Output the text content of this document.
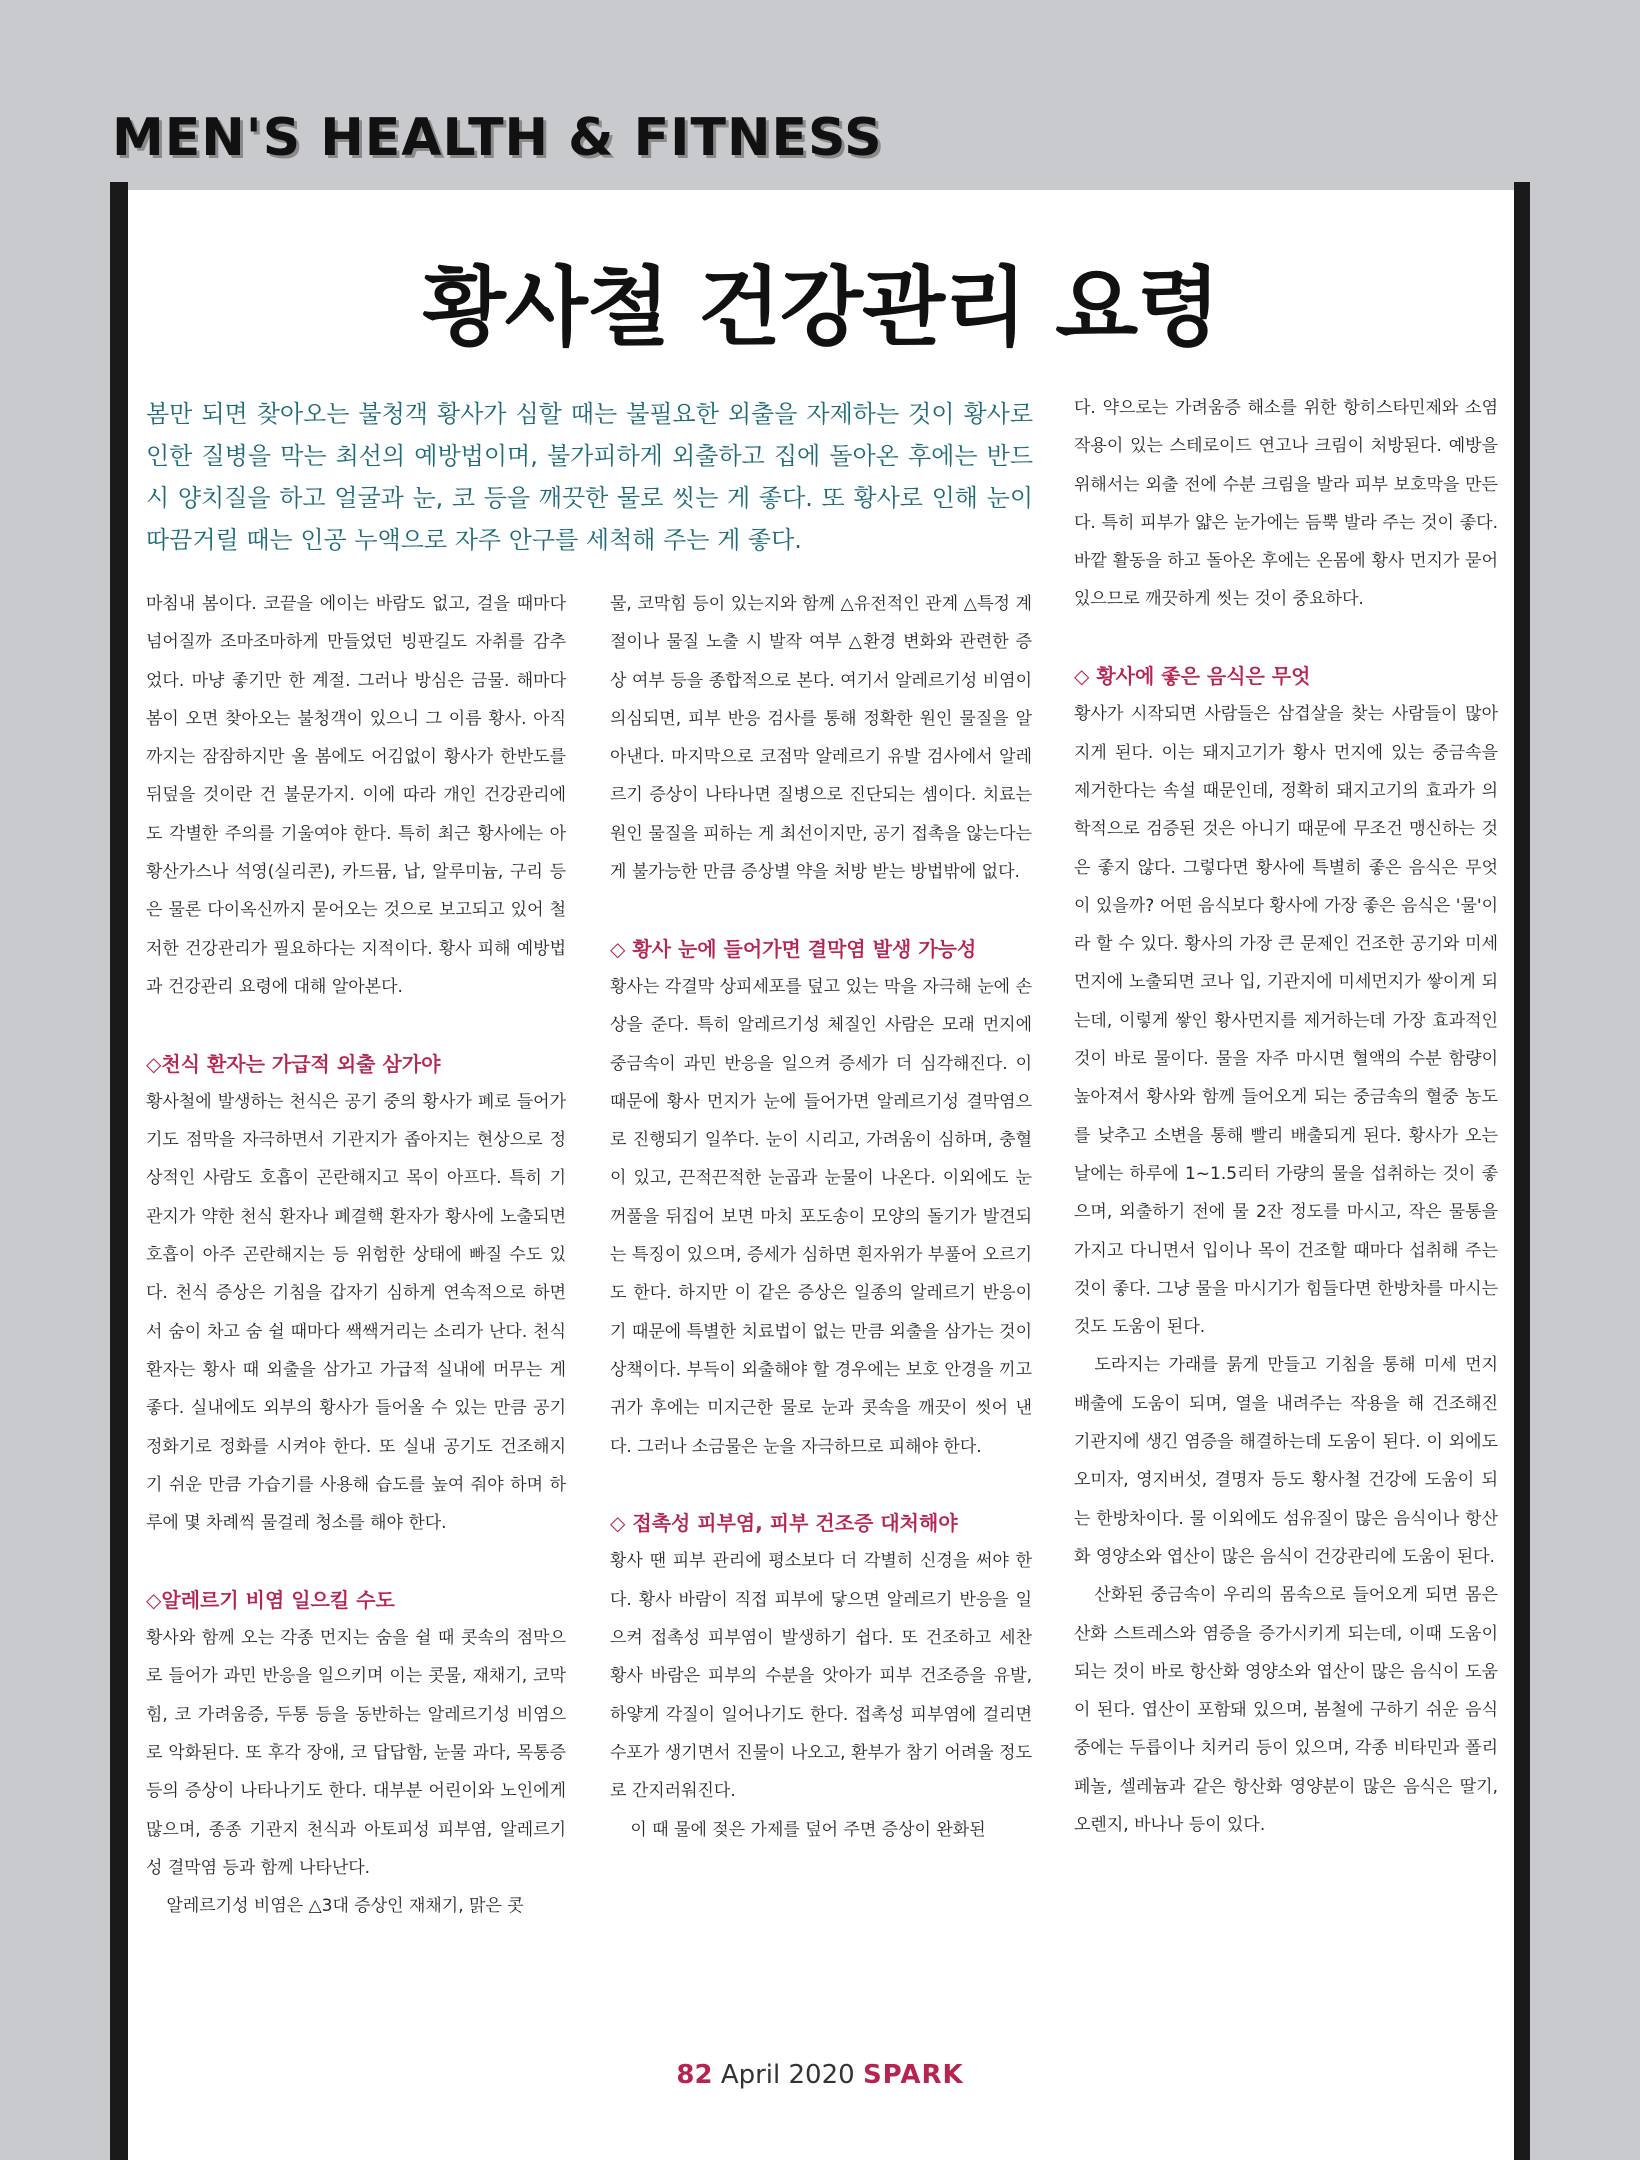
MEN'S HEALTH & FITNESS
황사철 건강관리 요령
봄만 되면 찾아오는 불청객 황사가 심할 때는 불필요한 외출을 자제하는 것이 황사로 인한 질병을 막는 최선의 예방법이며, 불가피하게 외출하고 집에 돌아온 후에는 반드시 양치질을 하고 얼굴과 눈, 코 등을 깨끗한 물로 씻는 게 좋다. 또 황사로 인해 눈이 따끔거릴 때는 인공 누액으로 자주 안구를 세척해 주는 게 좋다.

마침내 봄이다. 코끝을 에이는 바람도 없고, 걸을 때마다 넘어질까 조마조마하게 만들었던 빙판길도 자취를 감추었다. 마냥 좋기만 한 계절. 그러나 방심은 금물. 해마다 봄이 오면 찾아오는 불청객이 있으니 그 이름 황사. 아직까지는 잠잠하지만 올 봄에도 어김없이 황사가 한반도를 뒤덮을 것이란 건 불문가지. 이에 따라 개인 건강관리에도 각별한 주의를 기울여야 한다. 특히 최근 황사에는 아황산가스나 석영(실리콘), 카드뮴, 납, 알루미늄, 구리 등은 물론 다이옥신까지 묻어오는 것으로 보고되고 있어 철저한 건강관리가 필요하다는 지적이다. 황사 피해 예방법과 건강관리 요령에 대해 알아본다.

◇천식 환자는 가급적 외출 삼가야

황사철에 발생하는 천식은 공기 중의 황사가 폐로 들어가 기도 점막을 자극하면서 기관지가 좁아지는 현상으로 정상적인 사람도 호흡이 곤란해지고 목이 아프다. 특히 기관지가 약한 천식 환자나 폐결핵 환자가 황사에 노출되면 호흡이 아주 곤란해지는 등 위험한 상태에 빠질 수도 있다. 천식 증상은 기침을 갑자기 심하게 연속적으로 하면서 숨이 차고 숨 쉴 때마다 쌕쌕거리는 소리가 난다. 천식 환자는 황사 때 외출을 삼가고 가급적 실내에 머무는 게 좋다. 실내에도 외부의 황사가 들어올 수 있는 만큼 공기정화기로 정화를 시켜야 한다. 또 실내 공기도 건조해지기 쉬운 만큼 가습기를 사용해 습도를 높여 줘야 하며 하루에 몇 차례씩 물걸레 청소를 해야 한다.

◇알레르기 비염 일으킬 수도

황사와 함께 오는 각종 먼지는 숨을 쉴 때 콧속의 점막으로 들어가 과민 반응을 일으키며 이는 콧물, 재채기, 코막힘, 코 가려움증, 두통 등을 동반하는 알레르기성 비염으로 악화된다. 또 후각 장애, 코 답답함, 눈물 과다, 목통증 등의 증상이 나타나기도 한다. 대부분 어린이와 노인에게 많으며, 종종 기관지 천식과 아토피성 피부염, 알레르기성 결막염 등과 함께 나타난다.

알레르기성 비염은 △3대 증상인 재채기, 맑은 콧

물, 코막힘 등이 있는지와 함께 △유전적인 관계 △특정 계절이나 물질 노출 시 발작 여부 △환경 변화와 관련한 증상 여부 등을 종합적으로 본다. 여기서 알레르기성 비염이 의심되면, 피부 반응 검사를 통해 정확한 원인 물질을 알아낸다. 마지막으로 코점막 알레르기 유발 검사에서 알레르기 증상이 나타나면 질병으로 진단되는 셈이다. 치료는 원인 물질을 피하는 게 최선이지만, 공기 접촉을 않는다는 게 불가능한 만큼 증상별 약을 처방 받는 방법밖에 없다.

◇ 황사 눈에 들어가면 결막염 발생 가능성

황사는 각결막 상피세포를 덮고 있는 막을 자극해 눈에 손상을 준다. 특히 알레르기성 체질인 사람은 모래 먼지에 중금속이 과민 반응을 일으켜 증세가 더 심각해진다. 이 때문에 황사 먼지가 눈에 들어가면 알레르기성 결막염으로 진행되기 일쑤다. 눈이 시리고, 가려움이 심하며, 충혈이 있고, 끈적끈적한 눈곱과 눈물이 나온다. 이외에도 눈꺼풀을 뒤집어 보면 마치 포도송이 모양의 돌기가 발견되는 특징이 있으며, 증세가 심하면 흰자위가 부풀어 오르기도 한다. 하지만 이 같은 증상은 일종의 알레르기 반응이기 때문에 특별한 치료법이 없는 만큼 외출을 삼가는 것이 상책이다. 부득이 외출해야 할 경우에는 보호 안경을 끼고 귀가 후에는 미지근한 물로 눈과 콧속을 깨끗이 씻어 낸다. 그러나 소금물은 눈을 자극하므로 피해야 한다.

◇ 접촉성 피부염, 피부 건조증 대처해야

황사 땐 피부 관리에 평소보다 더 각별히 신경을 써야 한다. 황사 바람이 직접 피부에 닿으면 알레르기 반응을 일으켜 접촉성 피부염이 발생하기 쉽다. 또 건조하고 세찬 황사 바람은 피부의 수분을 앗아가 피부 건조증을 유발, 하얗게 각질이 일어나기도 한다. 접촉성 피부염에 걸리면 수포가 생기면서 진물이 나오고, 환부가 참기 어려울 정도로 간지러워진다.

이 때 물에 젖은 가제를 덮어 주면 증상이 완화된

다. 약으로는 가려움증 해소를 위한 항히스타민제와 소염 작용이 있는 스테로이드 연고나 크림이 처방된다. 예방을 위해서는 외출 전에 수분 크림을 발라 피부 보호막을 만든다. 특히 피부가 얇은 눈가에는 듬뿍 발라 주는 것이 좋다. 바깥 활동을 하고 돌아온 후에는 온몸에 황사 먼지가 묻어 있으므로 깨끗하게 씻는 것이 중요하다.

◇ 황사에 좋은 음식은 무엇

황사가 시작되면 사람들은 삼겹살을 찾는 사람들이 많아지게 된다. 이는 돼지고기가 황사 먼지에 있는 중금속을 제거한다는 속설 때문인데, 정확히 돼지고기의 효과가 의학적으로 검증된 것은 아니기 때문에 무조건 맹신하는 것은 좋지 않다. 그렇다면 황사에 특별히 좋은 음식은 무엇이 있을까? 어떤 음식보다 황사에 가장 좋은 음식은 '물'이라 할 수 있다. 황사의 가장 큰 문제인 건조한 공기와 미세 먼지에 노출되면 코나 입, 기관지에 미세먼지가 쌓이게 되는데, 이렇게 쌓인 황사먼지를 제거하는데 가장 효과적인 것이 바로 물이다. 물을 자주 마시면 혈액의 수분 함량이 높아져서 황사와 함께 들어오게 되는 중금속의 혈중 농도를 낮추고 소변을 통해 빨리 배출되게 된다. 황사가 오는 날에는 하루에 1~1.5리터 가량의 물을 섭취하는 것이 좋으며, 외출하기 전에 물 2잔 정도를 마시고, 작은 물통을 가지고 다니면서 입이나 목이 건조할 때마다 섭취해 주는 것이 좋다. 그냥 물을 마시기가 힘들다면 한방차를 마시는 것도 도움이 된다.

도라지는 가래를 묽게 만들고 기침을 통해 미세 먼지 배출에 도움이 되며, 열을 내려주는 작용을 해 건조해진 기관지에 생긴 염증을 해결하는데 도움이 된다. 이 외에도 오미자, 영지버섯, 결명자 등도 황사철 건강에 도움이 되는 한방차이다. 물 이외에도 섬유질이 많은 음식이나 항산화 영양소와 엽산이 많은 음식이 건강관리에 도움이 된다.

산화된 중금속이 우리의 몸속으로 들어오게 되면 몸은 산화 스트레스와 염증을 증가시키게 되는데, 이때 도움이 되는 것이 바로 항산화 영양소와 엽산이 많은 음식이 도움이 된다. 엽산이 포함돼 있으며, 봄철에 구하기 쉬운 음식 중에는 두릅이나 치커리 등이 있으며, 각종 비타민과 폴리페놀, 셀레늄과 같은 항산화 영양분이 많은 음식은 딸기, 오렌지, 바나나 등이 있다.

82 April 2020 SPARK
